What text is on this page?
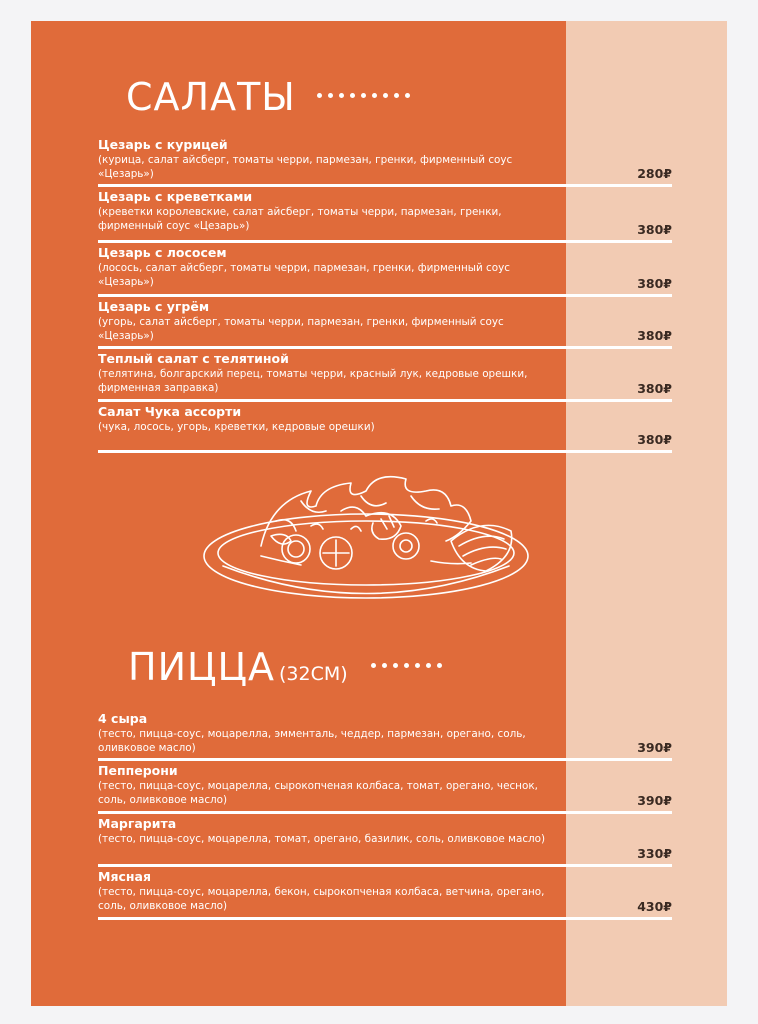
САЛАТЫ
Цезарь с курицей
(курица, салат айсберг, томаты черри, пармезан, гренки, фирменный соус «Цезарь»)	280₽
Цезарь с креветками
(креветки королевские, салат айсберг, томаты черри, пармезан, гренки, фирменный соус «Цезарь»)	380₽
Цезарь с лососем
(лосось, салат айсберг, томаты черри, пармезан, гренки, фирменный соус «Цезарь»)	380₽
Цезарь с угрём
(угорь, салат айсберг, томаты черри, пармезан, гренки, фирменный соус «Цезарь»)	380₽
Теплый салат с телятиной
(телятина, болгарский перец, томаты черри, красный лук, кедровые орешки, фирменная заправка)	380₽
Салат Чука ассорти
(чука, лосось, угорь, креветки, кедровые орешки)
380₽
ПИЦЦА (32СМ)
4 сыра
(тесто, пицца-соус, моцарелла, эмменталь, чеддер, пармезан, орегано, соль, оливковое масло)	390₽
Пепперони
(тесто, пицца-соус, моцарелла, сырокопченая колбаса, томат, орегано, чеснок, соль, оливковое масло)	390₽
Маргарита
(тесто, пицца-соус, моцарелла, томат, орегано, базилик, соль, оливковое масло)
330₽
Мясная
(тесто, пицца-соус, моцарелла, бекон, сырокопченая колбаса, ветчина, орегано, соль, оливковое масло)	430₽
